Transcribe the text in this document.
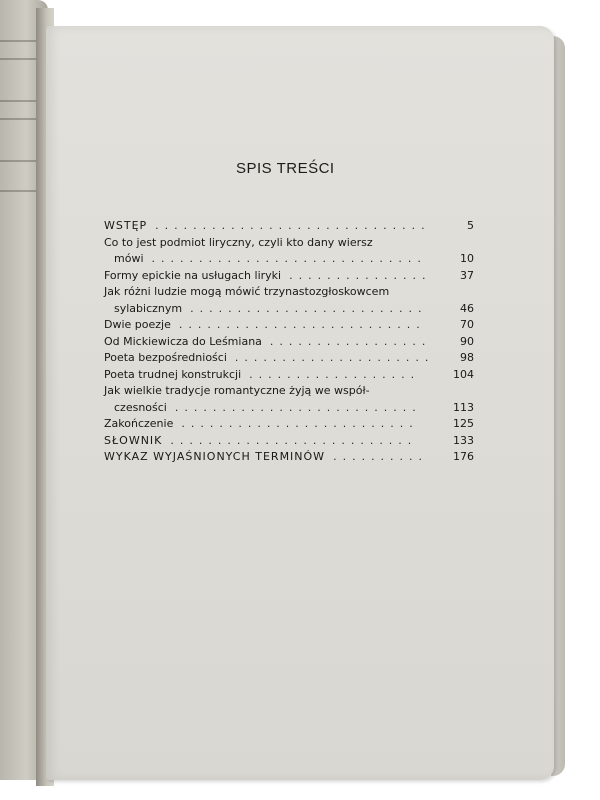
SPIS TREŚCI
WSTĘP .............................	5
Co to jest podmiot liryczny, czyli kto dany wiersz
mówi .............................	10
Formy epickie na usługach liryki ...............	37
Jak różni ludzie mogą mówić trzynastozgłoskowcem
sylabicznym .........................	46
Dwie poezje ..........................	70
Od Mickiewicza do Leśmiana .................	90
Poeta bezpośredniości ..................... 98
Poeta trudnej konstrukcji ..................	104
Jak wielkie tradycje romantyczne żyją we współ-
czesności ..........................	113
Zakończenie .........................	125
SŁOWNIK ..........................	133
WYKAZ WYJAŚNIONYCH TERMINÓW .......... 176
